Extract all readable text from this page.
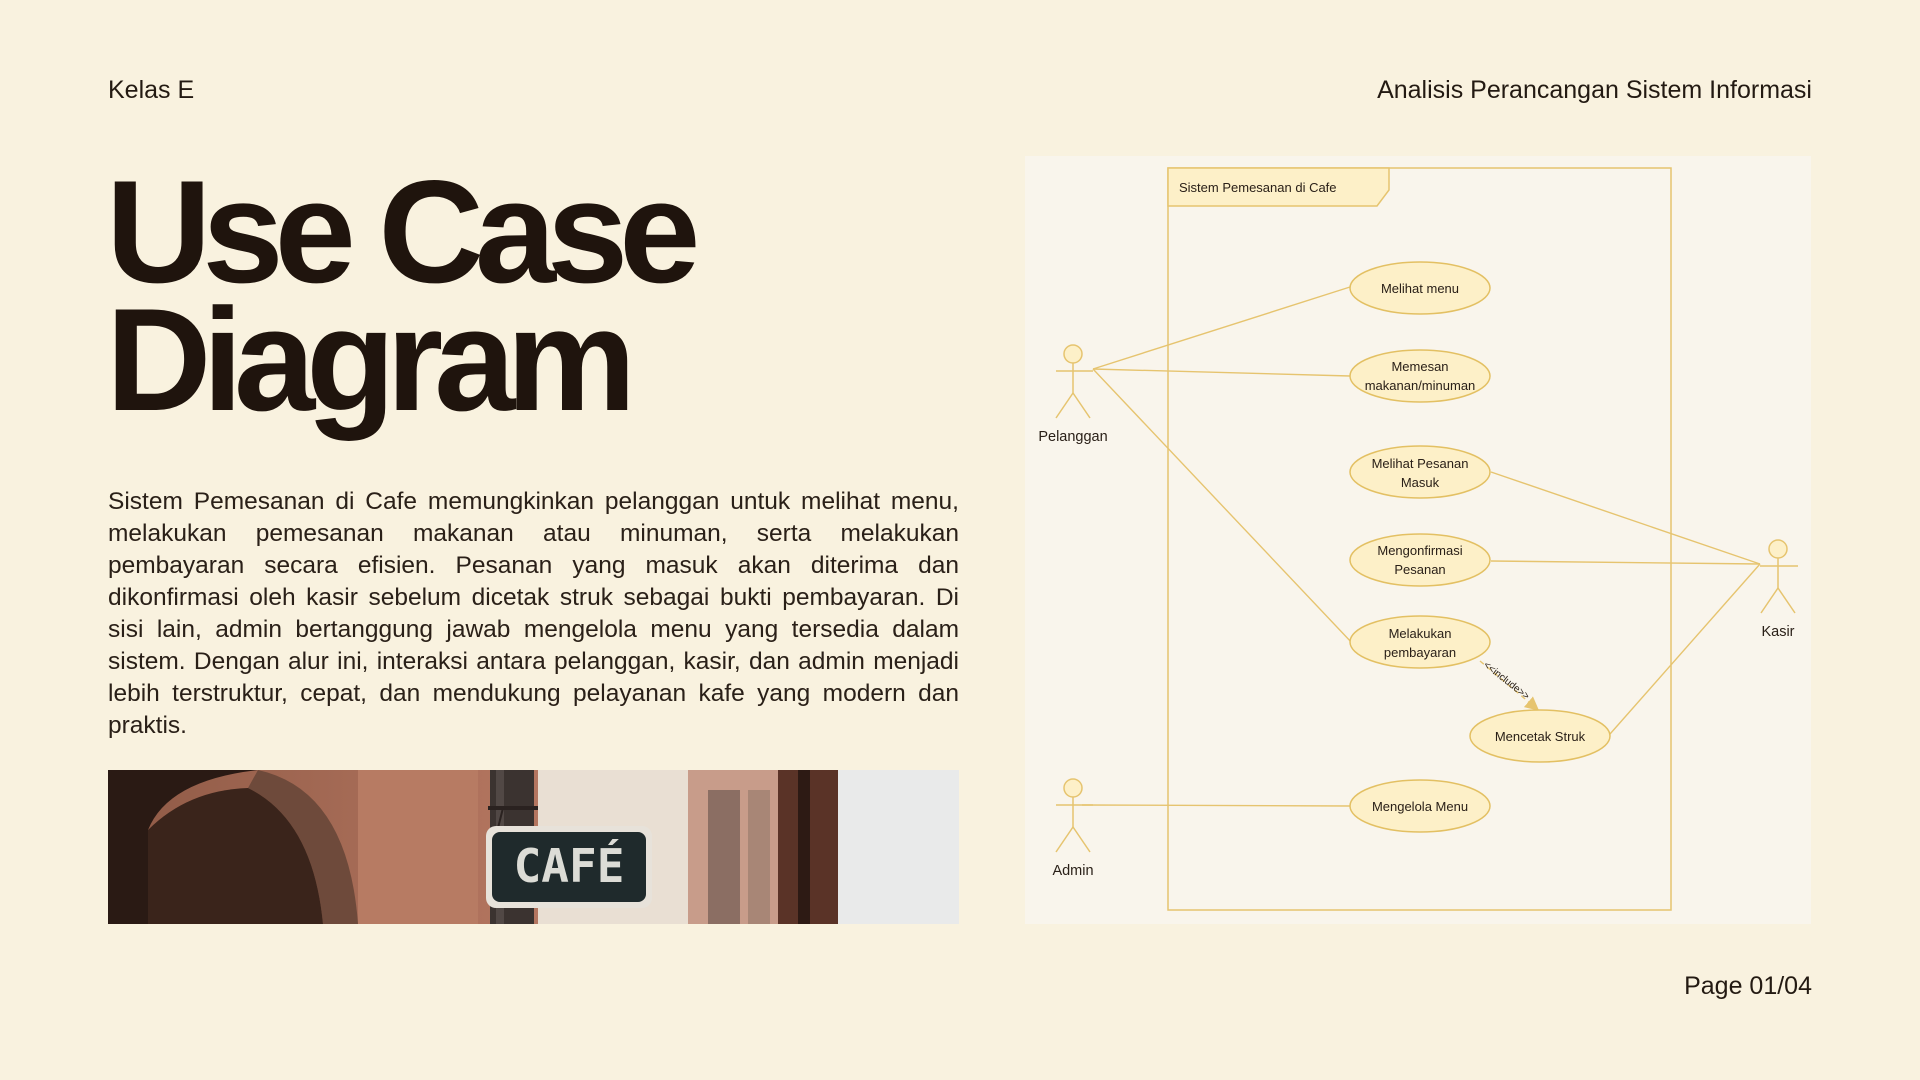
Kelas E	Analisis Perancangan Sistem Informasi
Use Case
Diagram
Sistem Pemesanan di Cafe memungkinkan pelanggan untuk melihat menu, melakukan pemesanan makanan atau minuman, serta melakukan pembayaran secara efisien. Pesanan yang masuk akan diterima dan dikonfirmasi oleh kasir sebelum dicetak struk sebagai bukti pembayaran. Di sisi lain, admin bertanggung jawab mengelola menu yang tersedia dalam sistem. Dengan alur ini, interaksi antara pelanggan, kasir, dan admin menjadi lebih terstruktur, cepat, dan mendukung pelayanan kafe yang modern dan praktis.
CAFÉ
Page 01/04
Sistem Pemesanan di Cafe
<<include>>
Melihat menu
Memesan
makanan/minuman
Melihat Pesanan
Masuk
Mengonfirmasi
Pesanan
Melakukan
pembayaran
Mencetak Struk
Mengelola Menu
Pelanggan
Kasir
Admin
